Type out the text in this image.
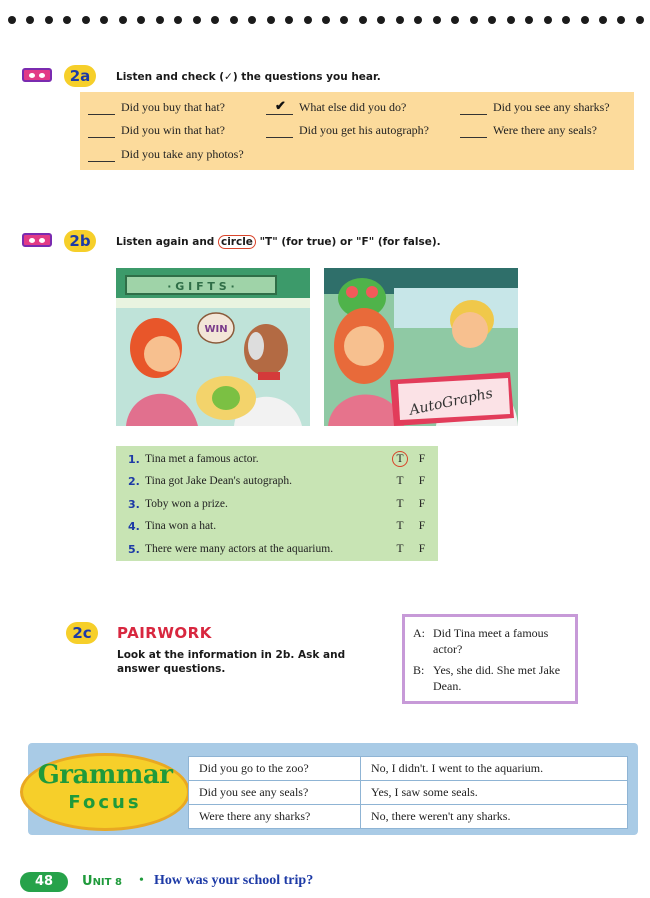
2a	Listen and check (✓) the questions you hear.
Did you buy that hat?	✔ What else did you do?	Did you see any sharks?
Did you win that hat?	Did you get his autograph?	Were there any seals?
Did you take any photos?
2b	Listen again and circle "T" (for true) or "F" (for false).
· G I F T S ·
WIN
AutoGraphs
1. Tina met a famous actor.	T	F
2. Tina got Jake Dean's autograph.	T	F
3. Toby won a prize.	T	F
4. Tina won a hat.	T	F
5. There were many actors at the aquarium.	T	F
2c	PAIRWORK
Look at the information in 2b. Ask and answer questions.
A: Did Tina meet a famous actor?
B: Yes, she did. She met Jake Dean.
Grammar
Focus
Did you go to the zoo?	No, I didn't. I went to the aquarium.
Did you see any seals?	Yes, I saw some seals.
Were there any sharks?	No, there weren't any sharks.
48	UNIT 8 • How was your school trip?
